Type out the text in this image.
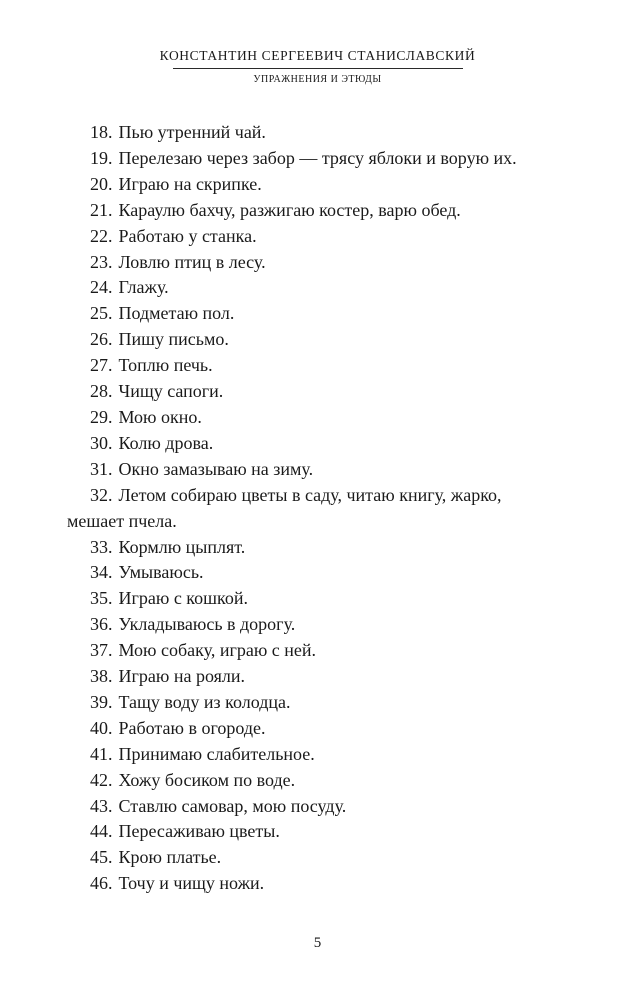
КОНСТАНТИН СЕРГЕЕВИЧ СТАНИСЛАВСКИЙ
УПРАЖНЕНИЯ И ЭТЮДЫ
18. Пью утренний чай.
19. Перелезаю через забор — трясу яблоки и ворую их.
20. Играю на скрипке.
21. Караулю бахчу, разжигаю костер, варю обед.
22. Работаю у станка.
23. Ловлю птиц в лесу.
24. Глажу.
25. Подметаю пол.
26. Пишу письмо.
27. Топлю печь.
28. Чищу сапоги.
29. Мою окно.
30. Колю дрова.
31. Окно замазываю на зиму.
32. Летом собираю цветы в саду, читаю книгу, жарко,
мешает пчела.
33. Кормлю цыплят.
34. Умываюсь.
35. Играю с кошкой.
36. Укладываюсь в дорогу.
37. Мою собаку, играю с ней.
38. Играю на рояли.
39. Тащу воду из колодца.
40. Работаю в огороде.
41. Принимаю слабительное.
42. Хожу босиком по воде.
43. Ставлю самовар, мою посуду.
44. Пересаживаю цветы.
45. Крою платье.
46. Точу и чищу ножи.
5
